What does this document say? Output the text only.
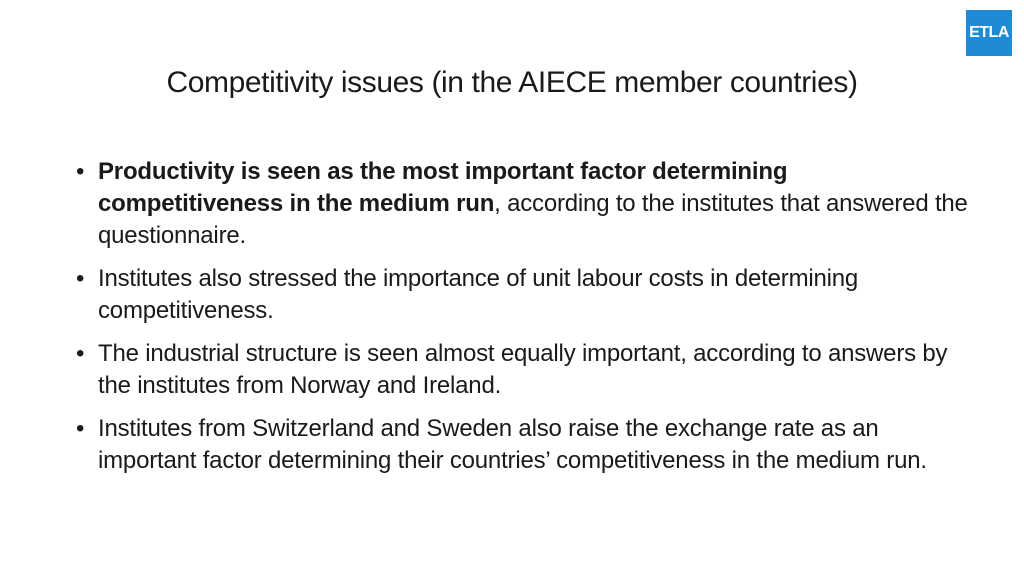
ETLA
Competitivity issues (in the AIECE member countries)
• Productivity is seen as the most important factor determining competitiveness in the medium run, according to the institutes that answered the questionnaire.
• Institutes also stressed the importance of unit labour costs in determining competitiveness.
• The industrial structure is seen almost equally important, according to answers by the institutes from Norway and Ireland.
• Institutes from Switzerland and Sweden also raise the exchange rate as an important factor determining their countries’ competitiveness in the medium run.
